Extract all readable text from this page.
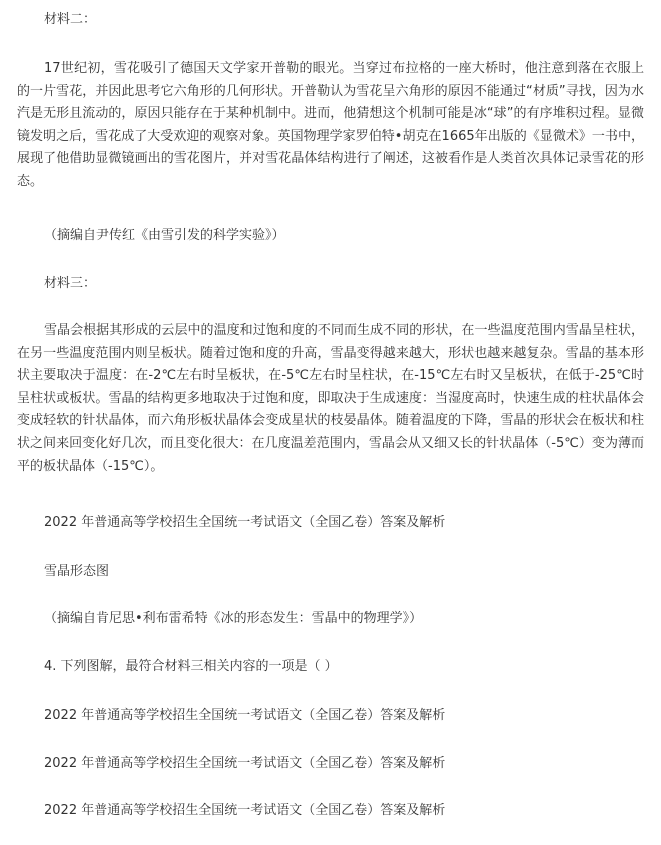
材料二：

17世纪初，雪花吸引了德国天文学家开普勒的眼光。当穿过布拉格的一座大桥时，他注意到落在衣服上的一片雪花，并因此思考它六角形的几何形状。开普勒认为雪花呈六角形的原因不能通过“材质”寻找，因为水汽是无形且流动的，原因只能存在于某种机制中。进而，他猜想这个机制可能是冰“球”的有序堆积过程。显微镜发明之后，雪花成了大受欢迎的观察对象。英国物理学家罗伯特•胡克在1665年出版的《显微术》一书中，展现了他借助显微镜画出的雪花图片，并对雪花晶体结构进行了阐述，这被看作是人类首次具体记录雪花的形态。

（摘编自尹传红《由雪引发的科学实验》）

材料三：

雪晶会根据其形成的云层中的温度和过饱和度的不同而生成不同的形状，在一些温度范围内雪晶呈柱状，在另一些温度范围内则呈板状。随着过饱和度的升高，雪晶变得越来越大，形状也越来越复杂。雪晶的基本形状主要取决于温度：在-2℃左右时呈板状，在-5℃左右时呈柱状，在-15℃左右时又呈板状，在低于-25℃时呈柱状或板状。雪晶的结构更多地取决于过饱和度，即取决于生成速度：当湿度高时，快速生成的柱状晶体会变成轻软的针状晶体，而六角形板状晶体会变成星状的枝晏晶体。随着温度的下降，雪晶的形状会在板状和柱状之间来回变化好几次，而且变化很大：在几度温差范围内，雪晶会从又细又长的针状晶体（-5℃）变为薄而平的板状晶体（-15℃）。

2022 年普通高等学校招生全国统一考试语文（全国乙卷）答案及解析

雪晶形态图

（摘编自肯尼思•利布雷希特《冰的形态发生：雪晶中的物理学》）

4. 下列图解，最符合材料三相关内容的一项是（ ）

2022 年普通高等学校招生全国统一考试语文（全国乙卷）答案及解析

2022 年普通高等学校招生全国统一考试语文（全国乙卷）答案及解析

2022 年普通高等学校招生全国统一考试语文（全国乙卷）答案及解析
